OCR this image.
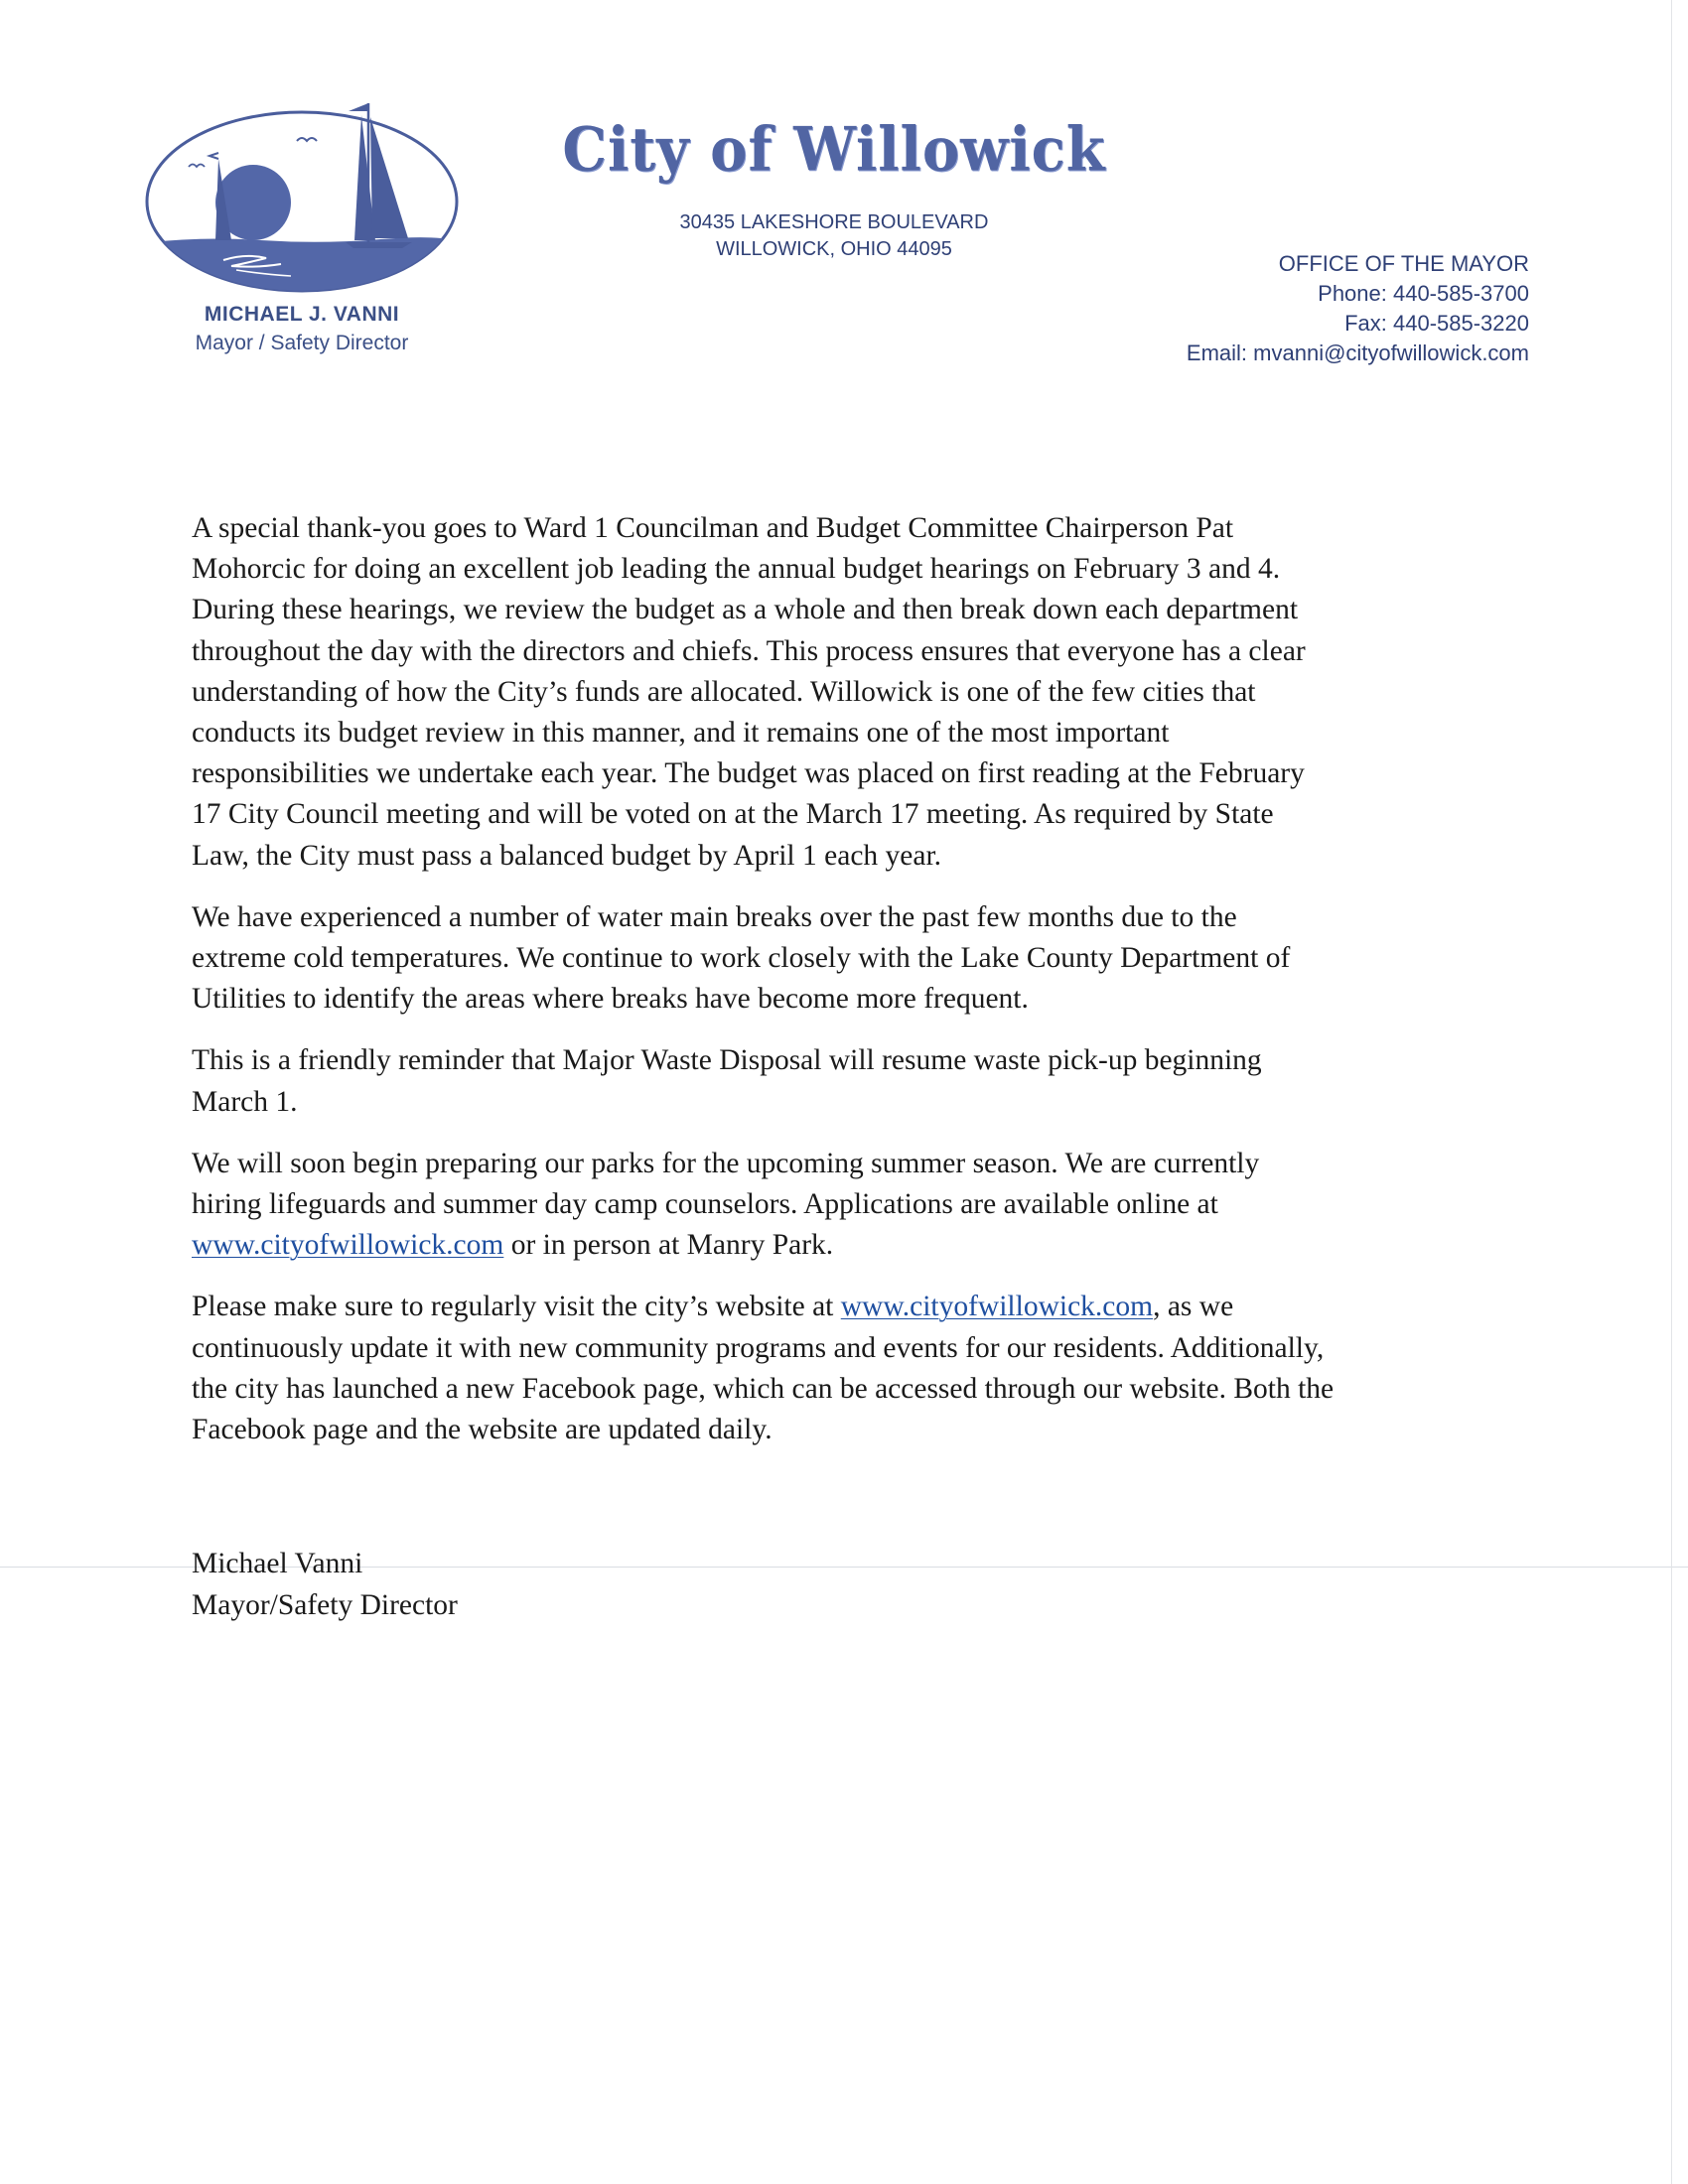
MICHAEL J. VANNI
Mayor / Safety Director
City of Willowick
30435 LAKESHORE BOULEVARD
WILLOWICK, OHIO 44095
OFFICE OF THE MAYOR
Phone: 440-585-3700
Fax: 440-585-3220
Email: mvanni@cityofwillowick.com

A special thank-you goes to Ward 1 Councilman and Budget Committee Chairperson Pat
Mohorcic for doing an excellent job leading the annual budget hearings on February 3 and 4.
During these hearings, we review the budget as a whole and then break down each department
throughout the day with the directors and chiefs. This process ensures that everyone has a clear
understanding of how the City’s funds are allocated. Willowick is one of the few cities that
conducts its budget review in this manner, and it remains one of the most important
responsibilities we undertake each year. The budget was placed on first reading at the February
17 City Council meeting and will be voted on at the March 17 meeting. As required by State
Law, the City must pass a balanced budget by April 1 each year.

We have experienced a number of water main breaks over the past few months due to the
extreme cold temperatures. We continue to work closely with the Lake County Department of
Utilities to identify the areas where breaks have become more frequent.

This is a friendly reminder that Major Waste Disposal will resume waste pick-up beginning
March 1.

We will soon begin preparing our parks for the upcoming summer season. We are currently
hiring lifeguards and summer day camp counselors. Applications are available online at
www.cityofwillowick.com or in person at Manry Park.

Please make sure to regularly visit the city’s website at www.cityofwillowick.com, as we
continuously update it with new community programs and events for our residents. Additionally,
the city has launched a new Facebook page, which can be accessed through our website. Both the
Facebook page and the website are updated daily.

Michael Vanni
Mayor/Safety Director
